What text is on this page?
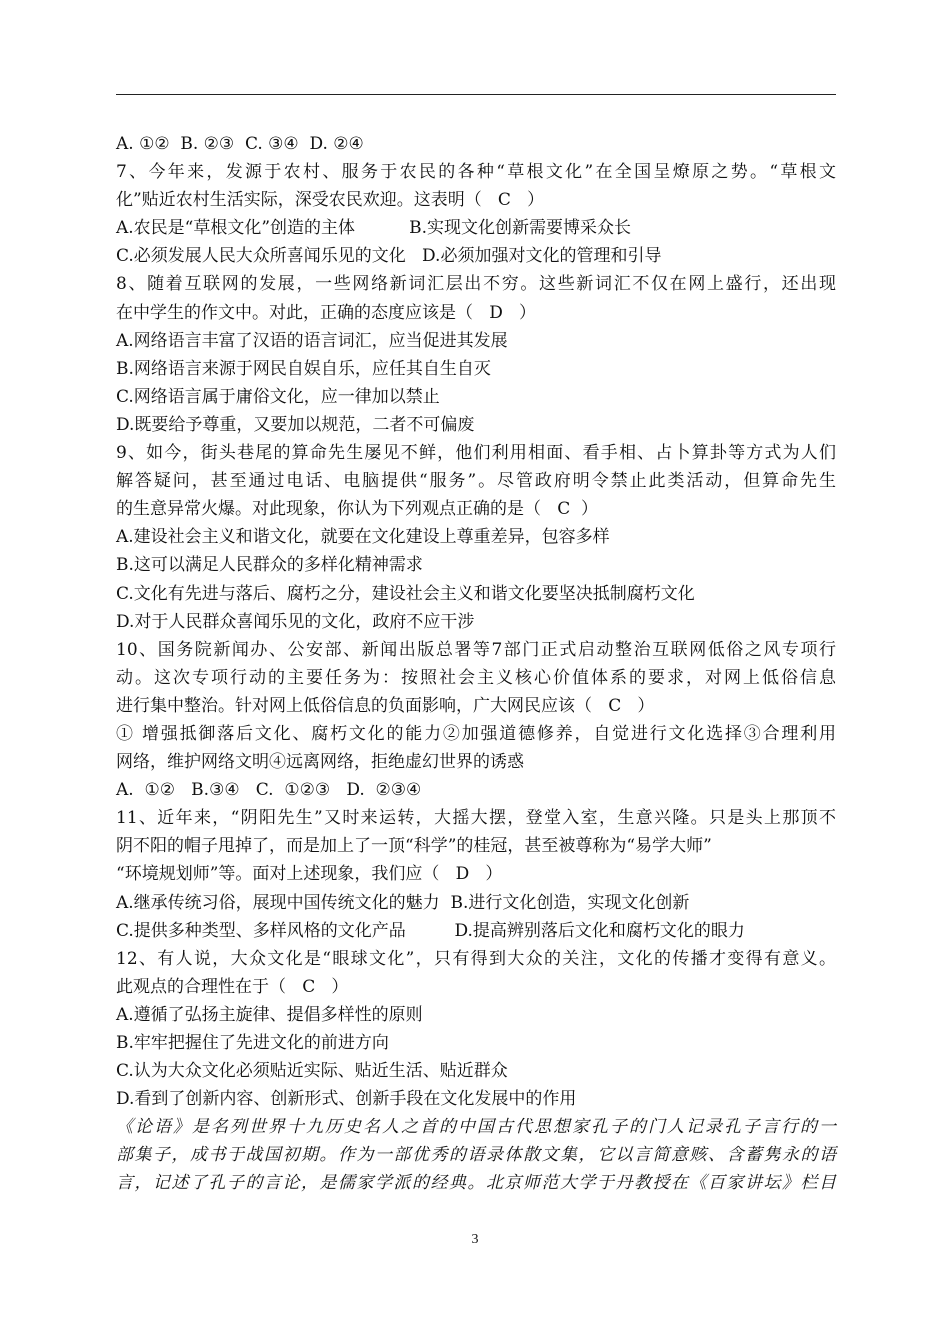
A. ①②  B. ②③  C. ③④  D. ②④
7、今年来，发源于农村、服务于农民的各种“草根文化”在全国呈燎原之势。“草根文
化”贴近农村生活实际，深受农民欢迎。这表明（   C   ）
A.农民是“草根文化”创造的主体          B.实现文化创新需要博采众长
C.必须发展人民大众所喜闻乐见的文化   D.必须加强对文化的管理和引导
8、随着互联网的发展，一些网络新词汇层出不穷。这些新词汇不仅在网上盛行，还出现
在中学生的作文中。对此，正确的态度应该是（   D   ）
A.网络语言丰富了汉语的语言词汇，应当促进其发展
B.网络语言来源于网民自娱自乐，应任其自生自灭
C.网络语言属于庸俗文化，应一律加以禁止
D.既要给予尊重，又要加以规范，二者不可偏废
9、如今，街头巷尾的算命先生屡见不鲜，他们利用相面、看手相、占卜算卦等方式为人们
解答疑问，甚至通过电话、电脑提供“服务”。尽管政府明令禁止此类活动，但算命先生
的生意异常火爆。对此现象，你认为下列观点正确的是（   C  ）
A.建设社会主义和谐文化，就要在文化建设上尊重差异，包容多样
B.这可以满足人民群众的多样化精神需求
C.文化有先进与落后、腐朽之分，建设社会主义和谐文化要坚决抵制腐朽文化
D.对于人民群众喜闻乐见的文化，政府不应干涉
10、国务院新闻办、公安部、新闻出版总署等7部门正式启动整治互联网低俗之风专项行
动。这次专项行动的主要任务为：按照社会主义核心价值体系的要求，对网上低俗信息
进行集中整治。针对网上低俗信息的负面影响，广大网民应该（   C   ）
① 增强抵御落后文化、腐朽文化的能力②加强道德修养，自觉进行文化选择③合理利用
网络，维护网络文明④远离网络，拒绝虚幻世界的诱惑
A.  ①②   B.③④   C.  ①②③   D.  ②③④
11、近年来，“阴阳先生”又时来运转，大摇大摆，登堂入室，生意兴隆。只是头上那顶不
阴不阳的帽子甩掉了，而是加上了一顶“科学”的桂冠，甚至被尊称为“易学大师”
“环境规划师”等。面对上述现象，我们应（   D   ）
A.继承传统习俗，展现中国传统文化的魅力  B.进行文化创造，实现文化创新
C.提供多种类型、多样风格的文化产品         D.提高辨别落后文化和腐朽文化的眼力
12、有人说，大众文化是“眼球文化”，只有得到大众的关注，文化的传播才变得有意义。
此观点的合理性在于（   C   ）
A.遵循了弘扬主旋律、提倡多样性的原则
B.牢牢把握住了先进文化的前进方向
C.认为大众文化必须贴近实际、贴近生活、贴近群众
D.看到了创新内容、创新形式、创新手段在文化发展中的作用
《论语》是名列世界十九历史名人之首的中国古代思想家孔子的门人记录孔子言行的一
部集子，成书于战国初期。作为一部优秀的语录体散文集，它以言简意赅、含蓄隽永的语
言，记述了孔子的言论，是儒家学派的经典。北京师范大学于丹教授在《百家讲坛》栏目
3
